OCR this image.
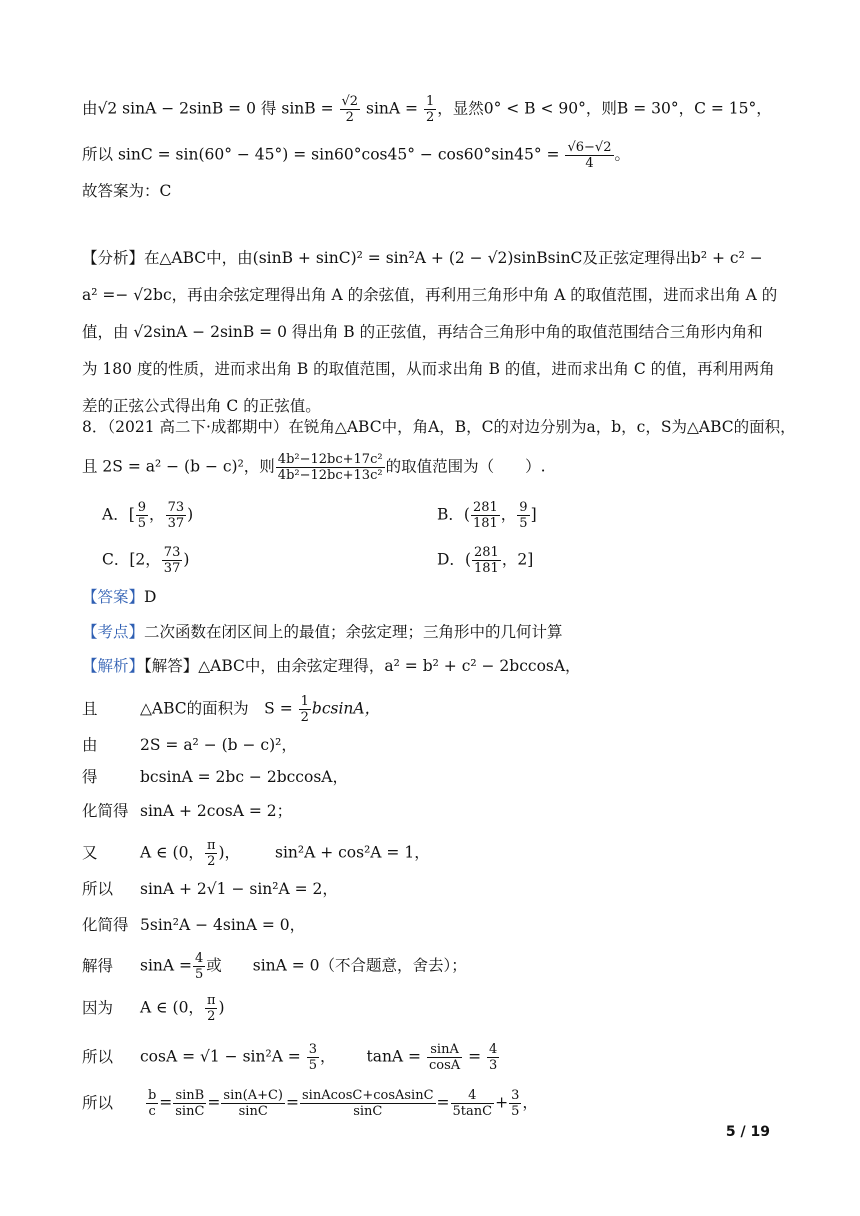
由√2 sinA − 2sinB = 0 得 $\sin B = \frac{√2}{2}$ $\sin A = \frac{1}{2}$ ，显然0° < B < 90°，则B = 30°，C = 15°，
所以 $\sin C = \sin(60^\circ - 45^\circ) = \sin 60^\circ\cos 45^\circ - \cos 60^\circ\sin 45^\circ = \frac{√6-√2}{4}$ 。
故答案为：C
【分析】在△ABC中，由(sinB + sinC)² = sin²A + (2 − √2)sinBsinC及正弦定理得出b² + c² − a² =− √2bc，再由余弦定理得出角 A 的余弦值，再利用三角形中角 A 的取值范围，进而求出角 A 的值，由 √2sinA − 2sinB = 0 得出角 B 的正弦值，再结合三角形中角的取值范围结合三角形内角和为 180 度的性质，进而求出角 B 的取值范围，从而求出角 B 的值，进而求出角 C 的值，再利用两角差的正弦公式得出角 C 的正弦值。
8．（2021 高二下·成都期中）在锐角△ABC中，角A，B，C的对边分别为a，b，c，S为△ABC的面积，
且 2S = a² − (b − c)²，则 $\frac{\text{4b²−12bc+17c²}}{\text{4b²−12bc+13c²}}$ 的取值范围为（　　）.
A．[ $\frac{9}{5}$ ， $\frac{73}{37}$ )	B．( $\frac{281}{181}$ ， $\frac{9}{5}$ ]
C．[2， $\frac{73}{37}$ )	D．( $\frac{281}{181}$ ，2]
【答案】D
【考点】二次函数在闭区间上的最值；余弦定理；三角形中的几何计算
【解析】【解答】△ABC中，由余弦定理得，a² = b² + c² − 2bccosA，
且	△ABC的面积为　$S = \frac{1}{2}$ bcsinA，
由	2S = a² − (b − c)²，
得	bcsinA = 2bc − 2bccosA，
化简得 sinA + 2cosA = 2；
又	A ∈ (0， $\frac{\pi}{2}$ )， sin²A + cos²A = 1，
所以 sinA + 2√1 − sin²A = 2，
化简得 5sin²A − 4sinA = 0，
解得 $\sin A = \frac{4}{5}$ 或 sinA = 0（不合题意，舍去）；
因为 A ∈ (0， $\frac{\pi}{2}$ )
所以 $\cos A = √1 - \sin^2A = \frac{3}{5}$ ， $\tan A = \frac{\sin A}{\cos A} = \frac{4}{3}$
所以	$\frac{b}{c} = \frac{\sin B}{\sin C} = \frac{\sin(A+C)}{\sin C} = \frac{\text{sinAcosC+cosAsinC}}{\sin C} = \frac{4}{5\tan C} + \frac{3}{5}$ ，
5 / 19
